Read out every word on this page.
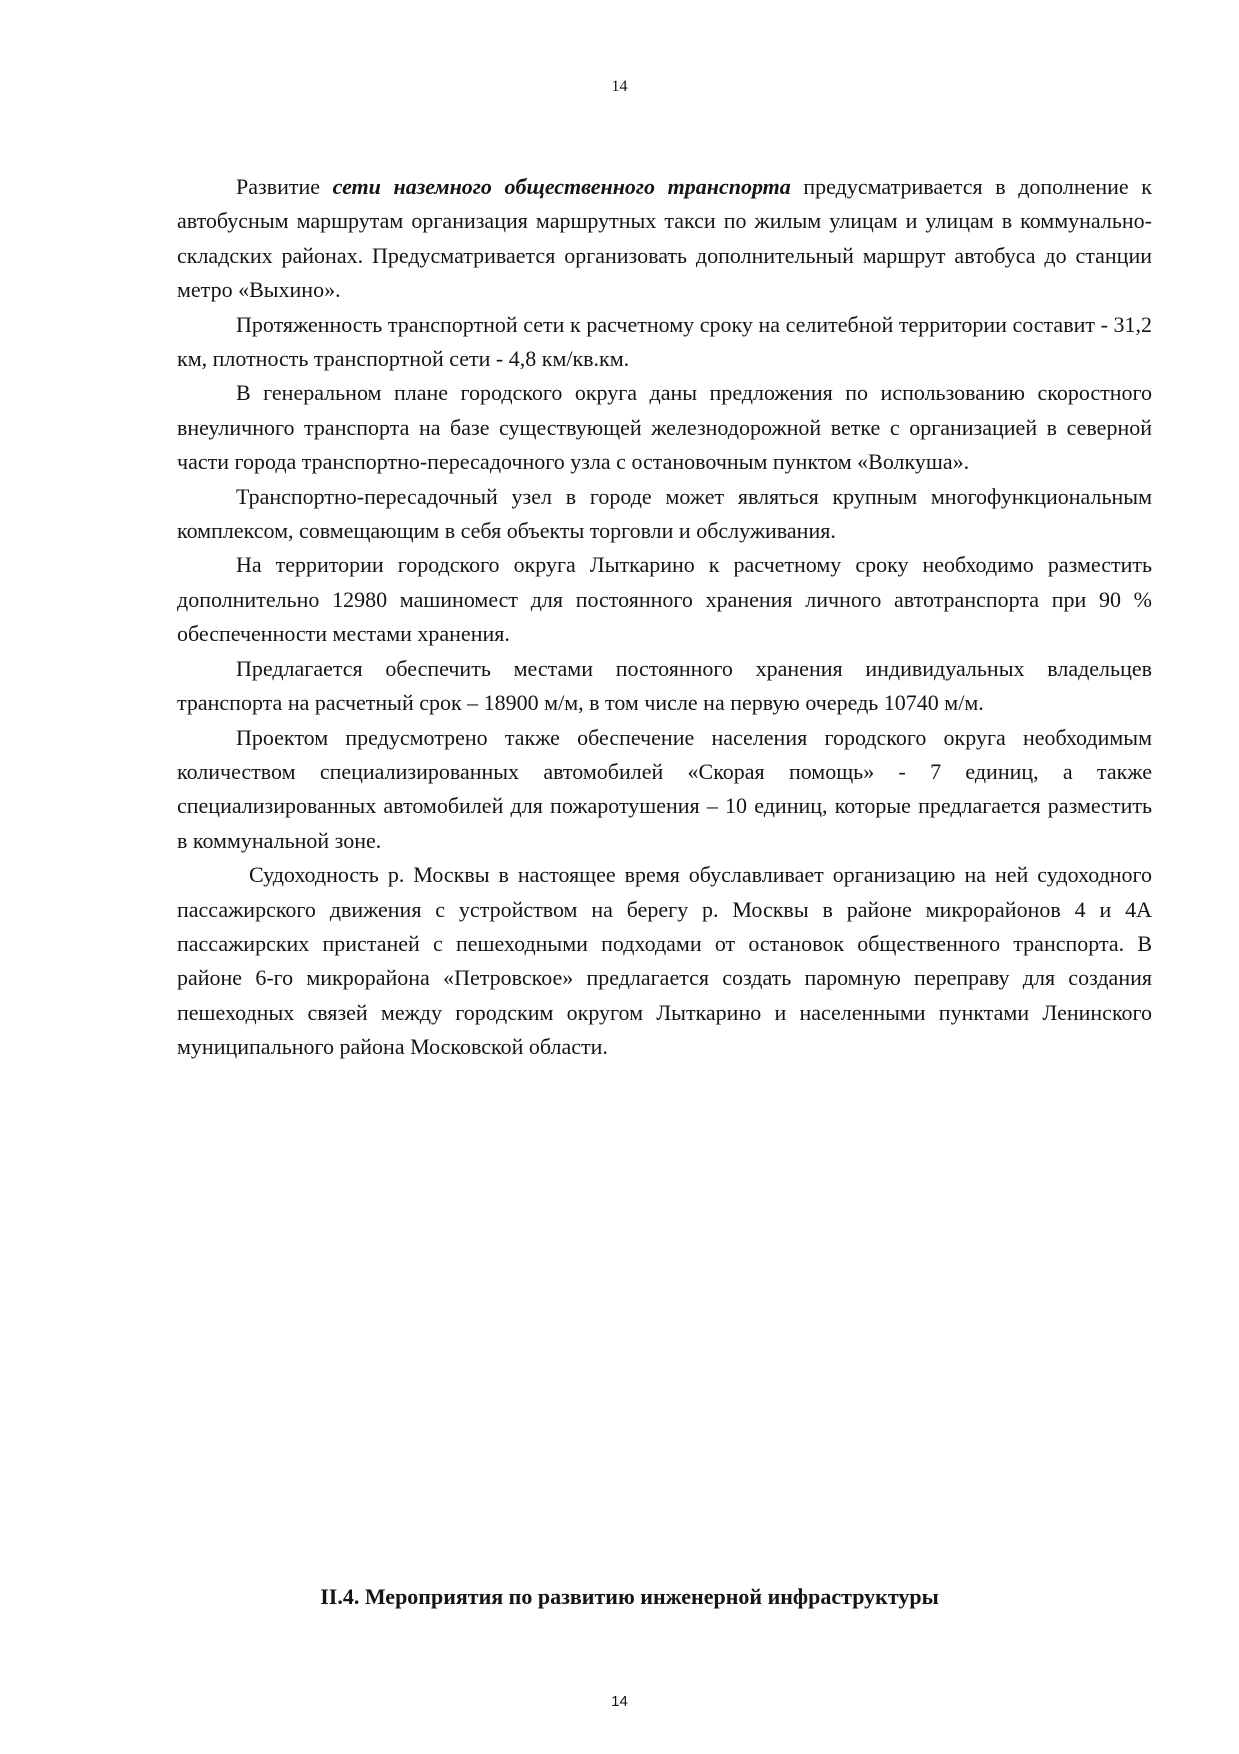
14

Развитие сети наземного общественного транспорта предусматривается в дополнение к автобусным маршрутам организация маршрутных такси по жилым улицам и улицам в коммунально-складских районах. Предусматривается организовать дополнительный маршрут автобуса до станции метро «Выхино».

Протяженность транспортной сети к расчетному сроку на селитебной территории составит - 31,2 км, плотность транспортной сети - 4,8 км/кв.км.

В генеральном плане городского округа даны предложения по использованию скоростного внеуличного транспорта на базе существующей железнодорожной ветке с организацией в северной части города транспортно-пересадочного узла с остановочным пунктом «Волкуша».

Транспортно-пересадочный узел в городе может являться крупным многофункциональным комплексом, совмещающим в себя объекты торговли и обслуживания.

На территории городского округа Лыткарино к расчетному сроку необходимо разместить дополнительно 12980 машиномест для постоянного хранения личного автотранспорта при 90 % обеспеченности местами хранения.

Предлагается обеспечить местами постоянного хранения индивидуальных владельцев транспорта на расчетный срок – 18900 м/м, в том числе на первую очередь 10740 м/м.

Проектом предусмотрено также обеспечение населения городского округа необходимым количеством специализированных автомобилей «Скорая помощь» - 7 единиц, а также специализированных автомобилей для пожаротушения – 10 единиц, которые предлагается разместить в коммунальной зоне.

Судоходность р. Москвы в настоящее время обуславливает организацию на ней судоходного пассажирского движения с устройством на берегу р. Москвы в районе микрорайонов 4 и 4А пассажирских пристаней с пешеходными подходами от остановок общественного транспорта. В районе 6-го микрорайона «Петровское» предлагается создать паромную переправу для создания пешеходных связей между городским округом Лыткарино и населенными пунктами Ленинского муниципального района Московской области.

II.4. Мероприятия по развитию инженерной инфраструктуры
14
